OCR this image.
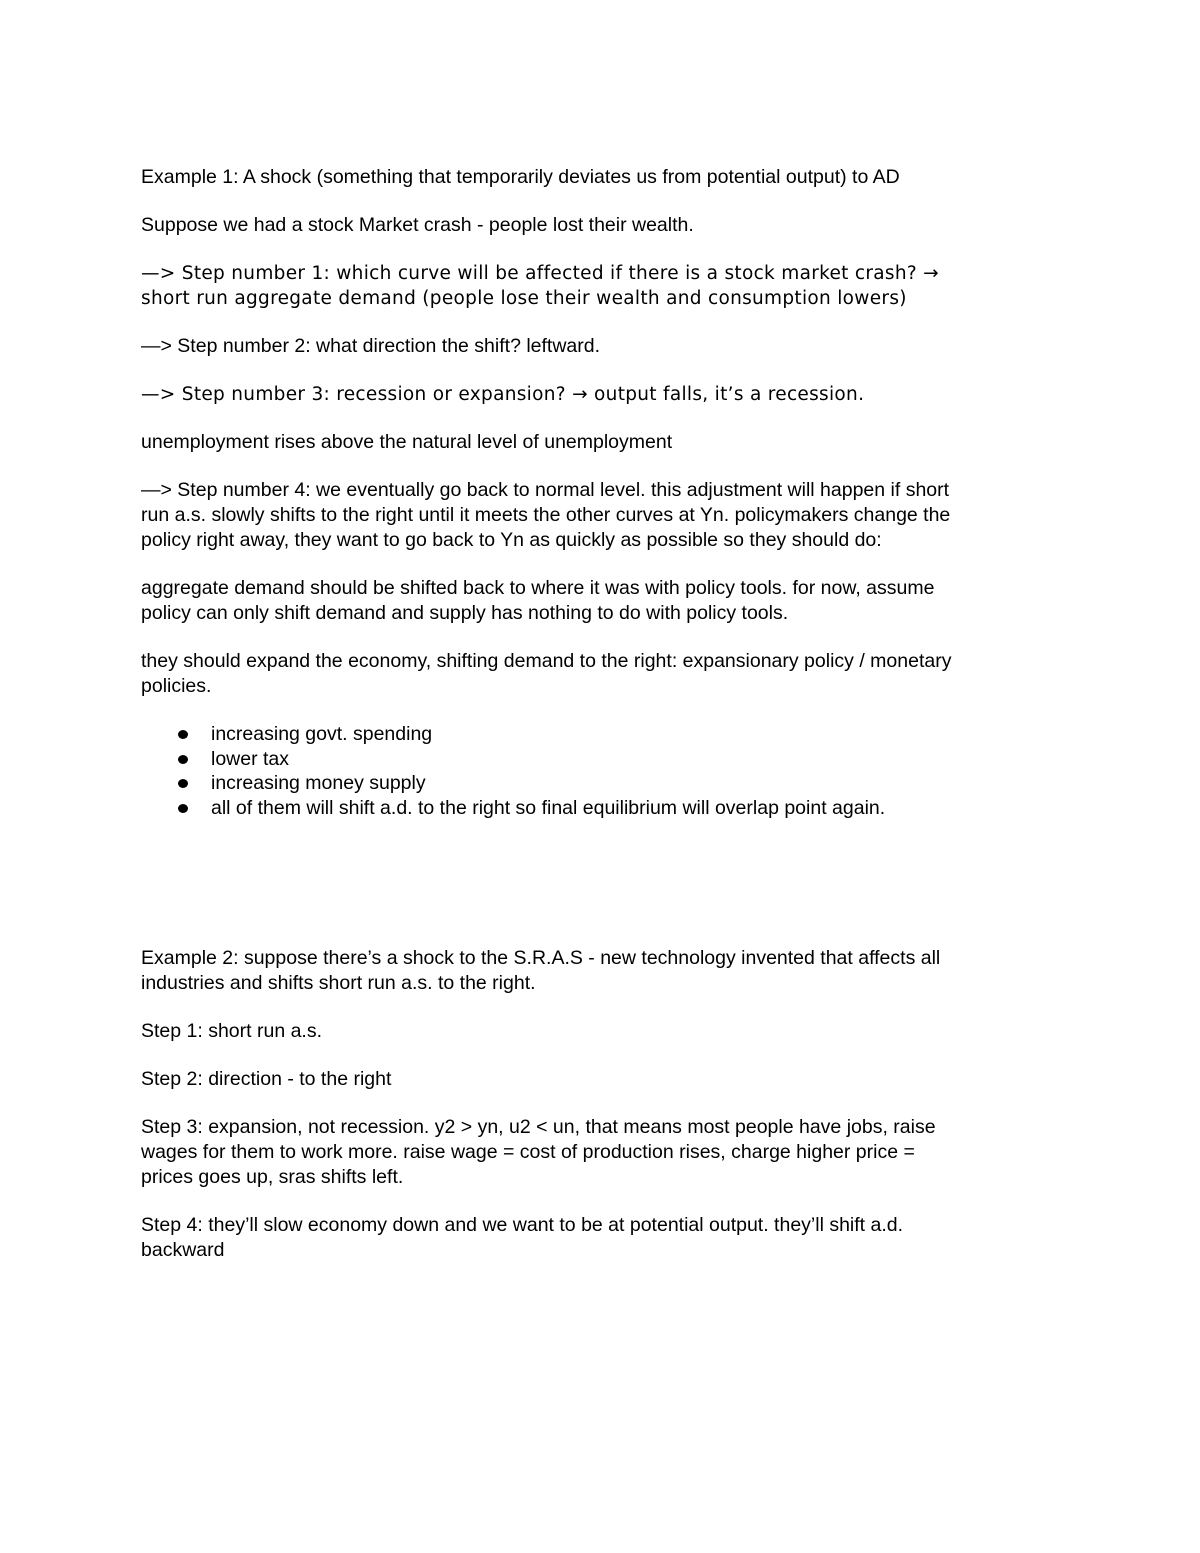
Example 1: A shock (something that temporarily deviates us from potential output) to AD

Suppose we had a stock Market crash - people lost their wealth.

—> Step number 1: which curve will be affected if there is a stock market crash? →
short run aggregate demand (people lose their wealth and consumption lowers)

—> Step number 2: what direction the shift? leftward.

—> Step number 3: recession or expansion? → output falls, it’s a recession.

unemployment rises above the natural level of unemployment

—> Step number 4: we eventually go back to normal level. this adjustment will happen if short
run a.s. slowly shifts to the right until it meets the other curves at Yn. policymakers change the
policy right away, they want to go back to Yn as quickly as possible so they should do:

aggregate demand should be shifted back to where it was with policy tools. for now, assume
policy can only shift demand and supply has nothing to do with policy tools.

they should expand the economy, shifting demand to the right: expansionary policy / monetary
policies.

increasing govt. spending
lower tax
increasing money supply
all of them will shift a.d. to the right so final equilibrium will overlap point again.

Example 2: suppose there’s a shock to the S.R.A.S - new technology invented that affects all
industries and shifts short run a.s. to the right.

Step 1: short run a.s.

Step 2: direction - to the right

Step 3: expansion, not recession. y2 > yn, u2 < un, that means most people have jobs, raise
wages for them to work more. raise wage = cost of production rises, charge higher price =
prices goes up, sras shifts left.

Step 4: they’ll slow economy down and we want to be at potential output. they’ll shift a.d.
backward
